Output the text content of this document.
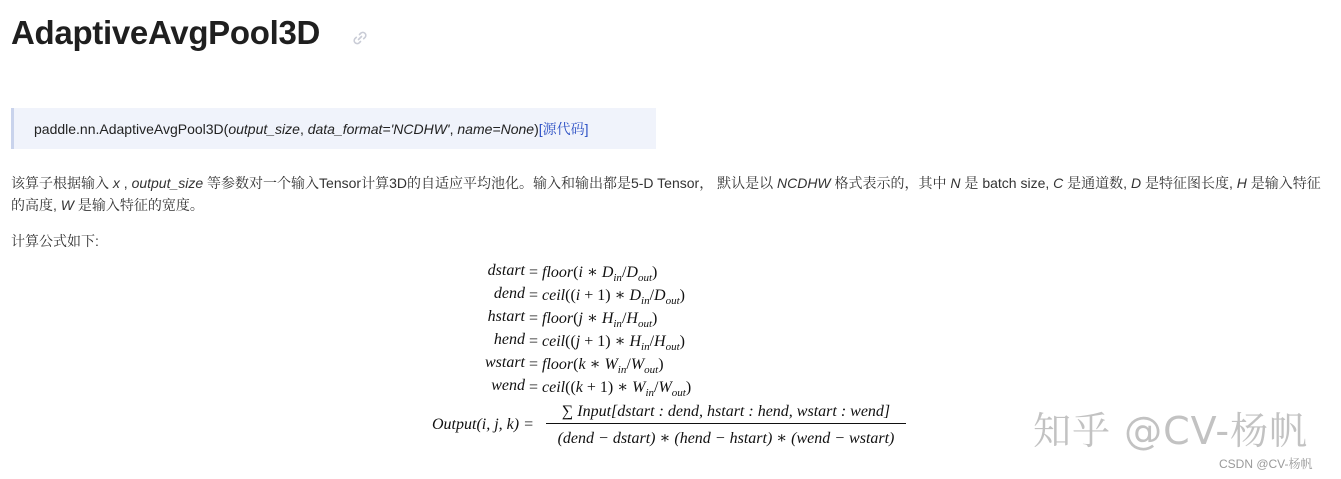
AdaptiveAvgPool3D
paddle.nn.AdaptiveAvgPool3D(output_size, data_format='NCDHW', name=None)[源代码]

该算子根据输入 x , output_size 等参数对一个输入Tensor计算3D的自适应平均池化。输入和输出都是5-D Tensor， 默认是以 NCDHW 格式表示的，其中 N 是 batch size, C 是通道数, D 是特征图长度, H 是输入特征的高度, W 是输入特征的宽度。

计算公式如下:

dstart = floor(i ∗ $D_{in}/D_{out}$)
dend = ceil((i + 1) ∗ $D_{in}/D_{out}$)
hstart = floor(j ∗ $H_{in}/H_{out}$)
hend = ceil((j + 1) ∗ $H_{in}/H_{out}$)
wstart = floor(k ∗ $W_{in}/W_{out}$)
wend = ceil((k + 1) ∗ $W_{in}/W_{out}$)
Output(i, j, k) =
∑ Input[dstart : dend, hstart : hend, wstart : wend]
(dend − dstart) ∗ (hend − hstart) ∗ (wend − wstart)	知乎 @CV-杨帆
CSDN @CV-杨帆
